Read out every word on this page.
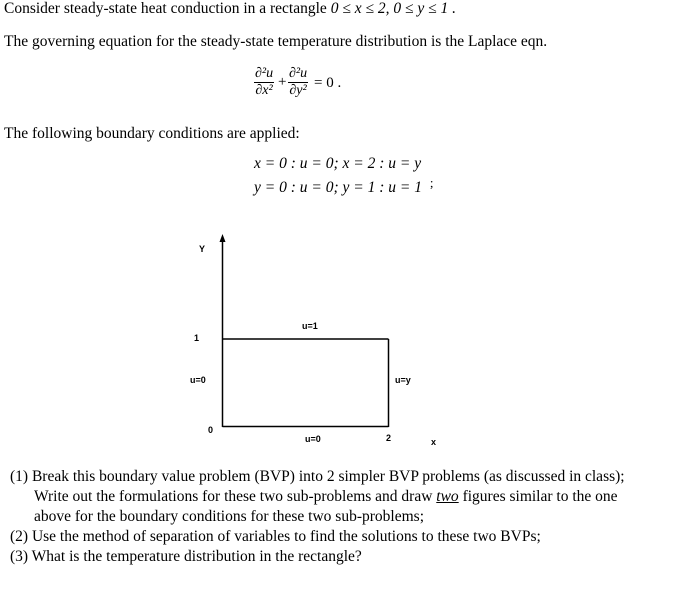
Consider steady-state heat conduction in a rectangle 0 ≤ x ≤ 2, 0 ≤ y ≤ 1 .
The governing equation for the steady-state temperature distribution is the Laplace eqn.
$\frac{\text{∂²u}}{\text{∂x²}} + \frac{\text{∂²u}}{\text{∂y²}} = 0$ .
The following boundary conditions are applied:
x = 0 : u = 0; x = 2 : u = y
y = 0 : u = 0; y = 1 : u = 1 ;
Y
x
1
0
2
u=1
u=0	u=y
u=0
(1) Break this boundary value problem (BVP) into 2 simpler BVP problems (as discussed in class);
Write out the formulations for these two sub-problems and draw two figures similar to the one
above for the boundary conditions for these two sub-problems;
(2) Use the method of separation of variables to find the solutions to these two BVPs;
(3) What is the temperature distribution in the rectangle?
